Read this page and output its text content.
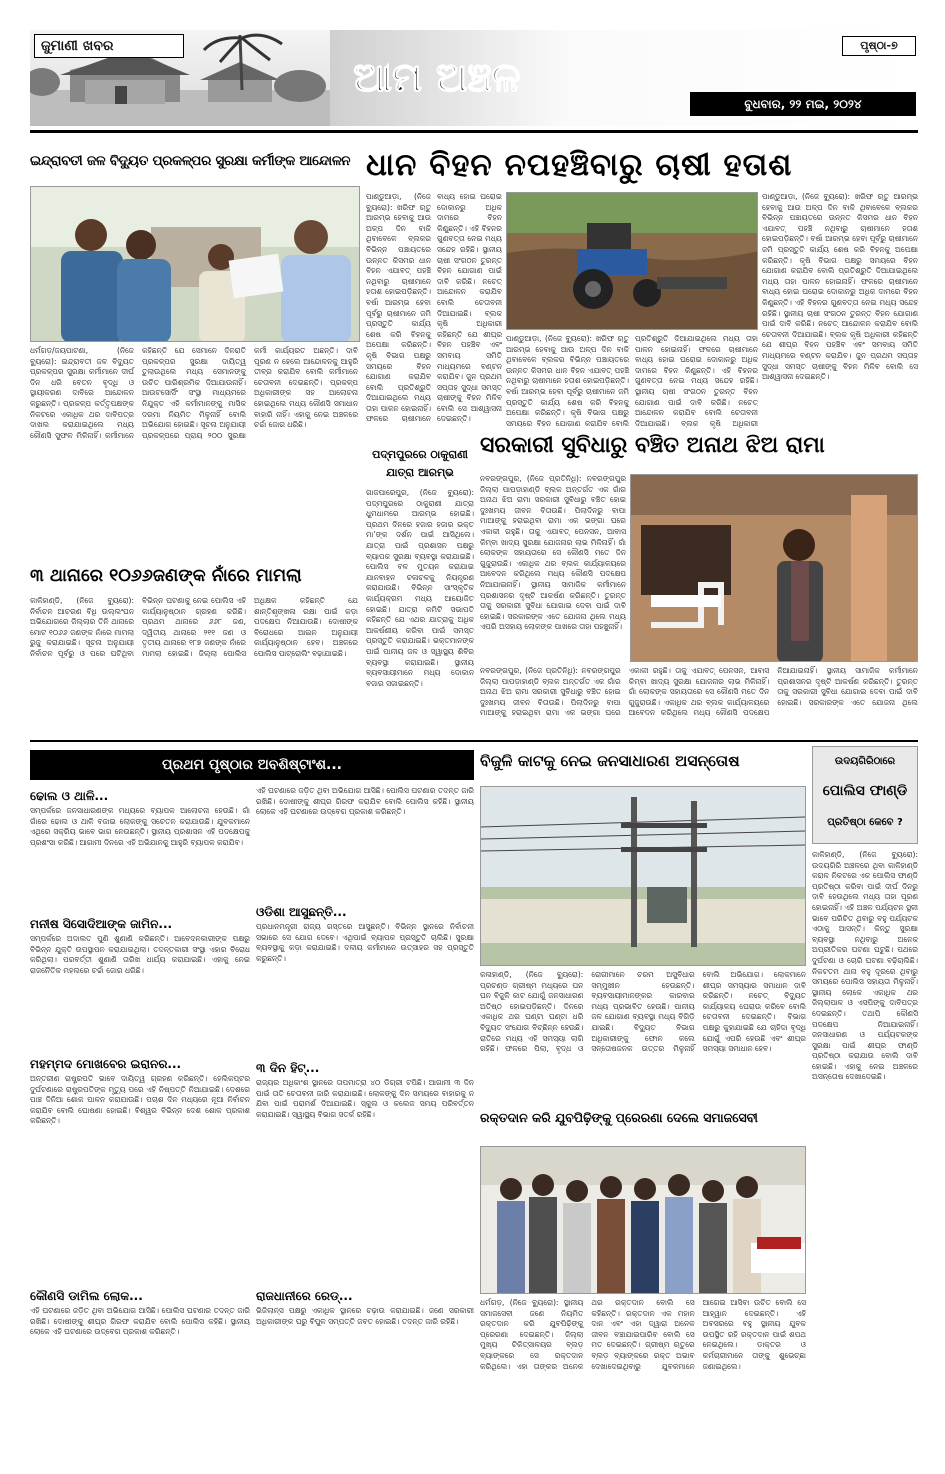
ଜୁମାଣୀ ଖବର
ଆମ ଅଞ୍ଚଳ
ପୃଷ୍ଠା-୭
ବୁଧବାର, ୨୨ ମଇ, ୨୦୨୪
ଇନ୍ଦ୍ରାବତୀ ଜଳ ବିଦ୍ୟୁତ ପ୍ରକଳ୍ପର ସୁରକ୍ଷା କର୍ମୀଙ୍କ ଆନ୍ଦୋଳନ
ଧର୍ମଗଡ଼/ଜୟପାଟଣା, (ନିଜେ ବ୍ୟୁରୋ): ଇନ୍ଦ୍ରାବତୀ ଜଳ ବିଦ୍ୟୁତ ପ୍ରକଳ୍ପର ସୁରକ୍ଷା କର୍ମୀମାନେ ଦୀର୍ଘ ଦିନ ଧରି ବେତନ ବୃଦ୍ଧି ଓ ସ୍ଥାୟୀକରଣ ଦାବିରେ ଆନ୍ଦୋଳନ କରୁଛନ୍ତି। ପ୍ରକଳ୍ପ କର୍ତ୍ତୃପକ୍ଷଙ୍କ ନିକଟରେ ଏକାଧିକ ଥର ଦାବିପତ୍ର ଦାଖଲ କରାଯାଇଥିଲେ ମଧ୍ୟ କୌଣସି ସୁଫଳ ମିଳିନାହିଁ। କର୍ମୀମାନେ କହିଛନ୍ତି ଯେ ସେମାନେ ଦିନରାତି ପ୍ରକଳ୍ପର ସୁରକ୍ଷା ଦାୟିତ୍ୱ ତୁଲାଉଥିଲେ ମଧ୍ୟ ସେମାନଙ୍କୁ ଉଚିତ ପାରିଶ୍ରମିକ ଦିଆଯାଉନାହିଁ। ଆଉଟସୋର୍ସିଂ ସଂସ୍ଥା ମାଧ୍ୟମରେ ନିଯୁକ୍ତ ଏହି କର୍ମୀମାନଙ୍କୁ ମାସିକ ଦରମା ନିୟମିତ ମିଳୁନାହିଁ ବୋଲି ଅଭିଯୋଗ ହୋଇଛି। ସୂଚନା ଅନୁଯାୟୀ ପ୍ରକଳ୍ପରେ ପ୍ରାୟ ୨୦୦ ସୁରକ୍ଷା କର୍ମୀ କାର୍ଯ୍ୟରତ ଅଛନ୍ତି। ଦାବି ପୂରଣ ନ ହେଲେ ଆନ୍ଦୋଳନକୁ ଆହୁରି ତୀବ୍ର କରାଯିବ ବୋଲି କର୍ମୀମାନେ ଚେତାବନୀ ଦେଇଛନ୍ତି। ପ୍ରକଳ୍ପ ଅଧିକାରୀଙ୍କ ସହ ଆଲୋଚନା ହୋଇଥିଲେ ମଧ୍ୟ କୌଣସି ସମାଧାନ ବାହାରି ନାହିଁ। ଏହାକୁ ନେଇ ଅଞ୍ଚଳରେ ଚର୍ଚ୍ଚା ଜୋର ଧରିଛି।
ଧାନ ବିହନ ନପହଞ୍ଚିବାରୁ ଚାଷୀ ହତାଶ
ପାଣ୍ଡୁଆଡ଼ା, (ନିଜେ ବ୍ୟୁରୋ): ଖରିଫ ଋତୁ ଆରମ୍ଭ ହେବାକୁ ଆଉ ଅଳ୍ପ ଦିନ ବାକି ଥିବାବେଳେ ବ୍ଲକର ବିଭିନ୍ନ ପଞ୍ଚାୟତରେ ଉନ୍ନତ କିସମର ଧାନ ବିହନ ଏଯାବତ୍ ପହଞ୍ଚି ନଥିବାରୁ ଚାଷୀମାନେ ହତାଶ ହୋଇପଡ଼ିଛନ୍ତି। ବର୍ଷା ଆରମ୍ଭ ହେବା ପୂର୍ବରୁ ଚାଷୀମାନେ ଜମି ପ୍ରସ୍ତୁତି କାର୍ଯ୍ୟ ଶେଷ କରି ବିହନକୁ ଅପେକ୍ଷା କରିଛନ୍ତି। କୃଷି ବିଭାଗ ପକ୍ଷରୁ ସମୟରେ ବିହନ ଯୋଗାଣ କରାଯିବ ବୋଲି ପ୍ରତିଶ୍ରୁତି ଦିଆଯାଇଥିଲେ ମଧ୍ୟ ତାହା ପାଳନ ହୋଇନାହିଁ। ଫଳରେ ଚାଷୀମାନେ ବାଧ୍ୟ ହୋଇ ଘରୋଇ ଦୋକାନରୁ ଅଧିକ ଦାମରେ ବିହନ କିଣୁଛନ୍ତି। ଏହି ବିହନର ଗୁଣବତ୍ତା ନେଇ ମଧ୍ୟ ସନ୍ଦେହ ରହିଛି। ସ୍ଥାନୀୟ ଚାଷୀ ସଂଗଠନ ତୁରନ୍ତ ବିହନ ଯୋଗାଣ ପାଇଁ ଦାବି କରିଛି। ନଚେତ୍ ଆନ୍ଦୋଳନ କରାଯିବ ବୋଲି ଚେତାବନୀ ଦିଆଯାଇଛି। ବ୍ଲକ କୃଷି ଅଧିକାରୀ କହିଛନ୍ତି ଯେ ଶୀଘ୍ର ବିହନ ପହଞ୍ଚିବ ଏବଂ ସମବାୟ ସମିତି ମାଧ୍ୟମରେ ବଣ୍ଟନ କରାଯିବ। ଜୁନ ପ୍ରଥମ ସପ୍ତାହ ସୁଦ୍ଧା ସମସ୍ତ ଚାଷୀଙ୍କୁ ବିହନ ମିଳିବ ବୋଲି ସେ ଆଶ୍ୱାସନା ଦେଇଛନ୍ତି।
ପାଣ୍ଡୁଆଡ଼ା, (ନିଜେ ବ୍ୟୁରୋ): ଖରିଫ ଋତୁ ଆରମ୍ଭ ହେବାକୁ ଆଉ ଅଳ୍ପ ଦିନ ବାକି ଥିବାବେଳେ ବ୍ଲକର ବିଭିନ୍ନ ପଞ୍ଚାୟତରେ ଉନ୍ନତ କିସମର ଧାନ ବିହନ ଏଯାବତ୍ ପହଞ୍ଚି ନଥିବାରୁ ଚାଷୀମାନେ ହତାଶ ହୋଇପଡ଼ିଛନ୍ତି। ବର୍ଷା ଆରମ୍ଭ ହେବା ପୂର୍ବରୁ ଚାଷୀମାନେ ଜମି ପ୍ରସ୍ତୁତି କାର୍ଯ୍ୟ ଶେଷ କରି ବିହନକୁ ଅପେକ୍ଷା କରିଛନ୍ତି। କୃଷି ବିଭାଗ ପକ୍ଷରୁ ସମୟରେ ବିହନ ଯୋଗାଣ କରାଯିବ ବୋଲି ପ୍ରତିଶ୍ରୁତି ଦିଆଯାଇଥିଲେ ମଧ୍ୟ ତାହା ପାଳନ ହୋଇନାହିଁ। ଫଳରେ ଚାଷୀମାନେ ବାଧ୍ୟ ହୋଇ ଘରୋଇ ଦୋକାନରୁ ଅଧିକ ଦାମରେ ବିହନ କିଣୁଛନ୍ତି। ଏହି ବିହନର ଗୁଣବତ୍ତା ନେଇ ମଧ୍ୟ ସନ୍ଦେହ ରହିଛି। ସ୍ଥାନୀୟ ଚାଷୀ ସଂଗଠନ ତୁରନ୍ତ ବିହନ ଯୋଗାଣ ପାଇଁ ଦାବି କରିଛି। ନଚେତ୍ ଆନ୍ଦୋଳନ କରାଯିବ ବୋଲି ଚେତାବନୀ ଦିଆଯାଇଛି। ବ୍ଲକ କୃଷି ଅଧିକାରୀ କହିଛନ୍ତି ଯେ ଶୀଘ୍ର ବିହନ ପହଞ୍ଚିବ ଏବଂ ସମବାୟ ସମିତି ମାଧ୍ୟମରେ ବଣ୍ଟନ କରାଯିବ। ଜୁନ ପ୍ରଥମ ସପ୍ତାହ ସୁଦ୍ଧା ସମସ୍ତ ଚାଷୀଙ୍କୁ ବିହନ ମିଳିବ ବୋଲି ସେ ଆଶ୍ୱାସନା ଦେଇଛନ୍ତି।
ପାଣ୍ଡୁଆଡ଼ା, (ନିଜେ ବ୍ୟୁରୋ): ଖରିଫ ଋତୁ ଆରମ୍ଭ ହେବାକୁ ଆଉ ଅଳ୍ପ ଦିନ ବାକି ଥିବାବେଳେ ବ୍ଲକର ବିଭିନ୍ନ ପଞ୍ଚାୟତରେ ଉନ୍ନତ କିସମର ଧାନ ବିହନ ଏଯାବତ୍ ପହଞ୍ଚି ନଥିବାରୁ ଚାଷୀମାନେ ହତାଶ ହୋଇପଡ଼ିଛନ୍ତି। ବର୍ଷା ଆରମ୍ଭ ହେବା ପୂର୍ବରୁ ଚାଷୀମାନେ ଜମି ପ୍ରସ୍ତୁତି କାର୍ଯ୍ୟ ଶେଷ କରି ବିହନକୁ ଅପେକ୍ଷା କରିଛନ୍ତି। କୃଷି ବିଭାଗ ପକ୍ଷରୁ ସମୟରେ ବିହନ ଯୋଗାଣ କରାଯିବ ବୋଲି ପ୍ରତିଶ୍ରୁତି ଦିଆଯାଇଥିଲେ ମଧ୍ୟ ତାହା ପାଳନ ହୋଇନାହିଁ। ଫଳରେ ଚାଷୀମାନେ ବାଧ୍ୟ ହୋଇ ଘରୋଇ ଦୋକାନରୁ ଅଧିକ ଦାମରେ ବିହନ କିଣୁଛନ୍ତି। ଏହି ବିହନର ଗୁଣବତ୍ତା ନେଇ ମଧ୍ୟ ସନ୍ଦେହ ରହିଛି। ସ୍ଥାନୀୟ ଚାଷୀ ସଂଗଠନ ତୁରନ୍ତ ବିହନ ଯୋଗାଣ ପାଇଁ ଦାବି କରିଛି। ନଚେତ୍ ଆନ୍ଦୋଳନ କରାଯିବ ବୋଲି ଚେତାବନୀ ଦିଆଯାଇଛି। ବ୍ଲକ କୃଷି ଅଧିକାରୀ
ପଦ୍ମପୁରରେ ଠାକୁରାଣୀ
ଯାତ୍ରା ଆରମ୍ଭ
ଗାଜପାରେପୁର, (ନିଜେ ବ୍ୟୁରୋ): ପଦ୍ମପୁରରେ ଠାକୁରାଣୀ ଯାତ୍ରା ଧୁମଧାମରେ ଆରମ୍ଭ ହୋଇଛି। ପ୍ରଥମ ଦିନରେ ହଜାର ହଜାର ଭକ୍ତ ମା’ଙ୍କ ଦର୍ଶନ ପାଇଁ ଆସିଥିଲେ। ଯାତ୍ରା ପାଇଁ ପ୍ରଶାସନ ପକ୍ଷରୁ ବ୍ୟାପକ ସୁରକ୍ଷା ବ୍ୟବସ୍ଥା କରାଯାଇଛି। ପୋଲିସ ବଳ ମୁତୟନ କରାଯାଇ ଯାନବାହନ ଚଳାଚଳକୁ ନିୟନ୍ତ୍ରଣ କରାଯାଉଛି। ବିଭିନ୍ନ ସାଂସ୍କୃତିକ କାର୍ଯ୍ୟକ୍ରମ ମଧ୍ୟ ଆୟୋଜିତ ହୋଇଛି। ଯାତ୍ରା କମିଟି ସଭାପତି କହିଛନ୍ତି ଯେ ଏଥର ଯାତ୍ରାକୁ ଅଧିକ ଆକର୍ଷଣୀୟ କରିବା ପାଇଁ ସମସ୍ତ ପ୍ରସ୍ତୁତି କରାଯାଇଛି। ଭକ୍ତମାନଙ୍କ ପାଇଁ ପାନୀୟ ଜଳ ଓ ସ୍ୱାସ୍ଥ୍ୟ ଶିବିର ବ୍ୟବସ୍ଥା କରାଯାଇଛି। ସ୍ଥାନୀୟ ବ୍ୟବସାୟୀମାନେ ମଧ୍ୟ ଦୋକାନ ବଜାର ସଜାଇଛନ୍ତି।
୩ ଥାନାରେ ୧୦୬୬ଜଣଙ୍କ ନାଁରେ ମାମଲା
କାଳିହାଣ୍ଡି, (ନିଜେ ବ୍ୟୁରୋ): ନିର୍ବାଚନ ଆଚରଣ ବିଧି ଉଲ୍ଲଂଘନ ଅଭିଯୋଗରେ ଜିଲ୍ଲାର ତିନି ଥାନାରେ ମୋଟ ୧୦୬୬ ଜଣଙ୍କ ନାଁରେ ମାମଲା ରୁଜୁ କରାଯାଇଛି। ସୂଚନା ଅନୁଯାୟୀ ନିର୍ବାଚନ ପୂର୍ବରୁ ଓ ପରେ ଘଟିଥିବା ବିଭିନ୍ନ ଘଟଣାକୁ ନେଇ ପୋଲିସ ଏହି କାର୍ଯ୍ୟାନୁଷ୍ଠାନ ଗ୍ରହଣ କରିଛି। ପ୍ରଥମ ଥାନାରେ ୬୬୮ ଜଣ, ଦ୍ୱିତୀୟ ଥାନାରେ ୨୧୧ ଜଣ ଓ ତୃତୀୟ ଥାନାରେ ୧୮୭ ଜଣଙ୍କ ନାଁରେ ମାମଲା ହୋଇଛି। ଜିଲ୍ଲା ପୋଲିସ ଅଧିକ୍ଷକ କହିଛନ୍ତି ଯେ ଶାନ୍ତିଶୃଙ୍ଖଳା ରକ୍ଷା ପାଇଁ କଡ଼ା ପଦକ୍ଷେପ ନିଆଯାଉଛି। ଦୋଷୀଙ୍କ ବିରୋଧରେ ଆଇନ ଅନୁଯାୟୀ କାର୍ଯ୍ୟାନୁଷ୍ଠାନ ହେବ। ଅଞ୍ଚଳରେ ପୋଲିସ ପାଟ୍ରୋଲିଂ ବଢ଼ାଯାଇଛି।
ସରକାରୀ ସୁବିଧାରୁ ବଞ୍ଚିତ ଅନାଥ ଝିଅ ରାମା
ନବରଙ୍ଗପୁର, (ନିଜେ ପ୍ରତିନିଧି): ନବରଙ୍ଗପୁର ଜିଲ୍ଲା ପାପଡ଼ାହାଣ୍ଡି ବ୍ଲକ ଅନ୍ତର୍ଗତ ଏକ ଗାଁର ଅନାଥ ଝିଅ ରାମା ସରକାରୀ ସୁବିଧାରୁ ବଞ୍ଚିତ ହୋଇ ଦୁଃଖମୟ ଜୀବନ ବିତାଉଛି। ପିଲାଦିନରୁ ବାପା ମାଆଙ୍କୁ ହରାଇଥିବା ରାମା ଏକ ଭଙ୍ଗା ଘରେ ଏକାକୀ ରହୁଛି। ତାକୁ ଏଯାବତ୍ ପେନସନ, ଆବାସ କିମ୍ବା ଖାଦ୍ୟ ସୁରକ୍ଷା ଯୋଜନାର ଲାଭ ମିଳିନାହିଁ। ଗାଁ ଲୋକଙ୍କ ସହାୟତାରେ ସେ କୌଣସି ମତେ ଦିନ ଗୁଜୁରାଉଛି। ଏକାଧିକ ଥର ବ୍ଲକ କାର୍ଯ୍ୟାଳୟରେ ଆବେଦନ କରିଥିଲେ ମଧ୍ୟ କୌଣସି ପଦକ୍ଷେପ ନିଆଯାଇନାହିଁ। ସ୍ଥାନୀୟ ସାମାଜିକ କର୍ମୀମାନେ ପ୍ରଶାସନର ଦୃଷ୍ଟି ଆକର୍ଷଣ କରିଛନ୍ତି। ତୁରନ୍ତ ତାକୁ ସରକାରୀ ସୁବିଧା ଯୋଗାଇ ଦେବା ପାଇଁ ଦାବି ହୋଇଛି। ସରକାରଙ୍କ ଏତେ ଯୋଜନା ଥିଲେ ମଧ୍ୟ ଏପରି ଅସହାୟ ଲୋକଙ୍କ ପାଖରେ ତାହା ପହଞ୍ଚୁନାହିଁ।
ନବରଙ୍ଗପୁର, (ନିଜେ ପ୍ରତିନିଧି): ନବରଙ୍ଗପୁର ଜିଲ୍ଲା ପାପଡ଼ାହାଣ୍ଡି ବ୍ଲକ ଅନ୍ତର୍ଗତ ଏକ ଗାଁର ଅନାଥ ଝିଅ ରାମା ସରକାରୀ ସୁବିଧାରୁ ବଞ୍ଚିତ ହୋଇ ଦୁଃଖମୟ ଜୀବନ ବିତାଉଛି। ପିଲାଦିନରୁ ବାପା ମାଆଙ୍କୁ ହରାଇଥିବା ରାମା ଏକ ଭଙ୍ଗା ଘରେ ଏକାକୀ ରହୁଛି। ତାକୁ ଏଯାବତ୍ ପେନସନ, ଆବାସ କିମ୍ବା ଖାଦ୍ୟ ସୁରକ୍ଷା ଯୋଜନାର ଲାଭ ମିଳିନାହିଁ। ଗାଁ ଲୋକଙ୍କ ସହାୟତାରେ ସେ କୌଣସି ମତେ ଦିନ ଗୁଜୁରାଉଛି। ଏକାଧିକ ଥର ବ୍ଲକ କାର୍ଯ୍ୟାଳୟରେ ଆବେଦନ କରିଥିଲେ ମଧ୍ୟ କୌଣସି ପଦକ୍ଷେପ ନିଆଯାଇନାହିଁ। ସ୍ଥାନୀୟ ସାମାଜିକ କର୍ମୀମାନେ ପ୍ରଶାସନର ଦୃଷ୍ଟି ଆକର୍ଷଣ କରିଛନ୍ତି। ତୁରନ୍ତ ତାକୁ ସରକାରୀ ସୁବିଧା ଯୋଗାଇ ଦେବା ପାଇଁ ଦାବି ହୋଇଛି। ସରକାରଙ୍କ ଏତେ ଯୋଜନା ଥିଲେ
ପ୍ରଥମ ପୃଷ୍ଠାର ଅବଶିଷ୍ଟାଂଶ...
ଢୋଲ ଓ ଥାଳି...
ସମ୍ପର୍କରେ ଜନସାଧାରଣଙ୍କ ମଧ୍ୟରେ ବ୍ୟାପକ ଆଲୋଚନା ହେଉଛି। ଗାଁ ଗାଁରେ ଢୋଲ ଓ ଥାଳି ବଜାଇ ଲୋକଙ୍କୁ ସଚେତନ କରାଯାଉଛି। ଯୁବକମାନେ ଏଥିରେ ସକ୍ରିୟ ଭାବେ ଭାଗ ନେଉଛନ୍ତି। ସ୍ଥାନୀୟ ପ୍ରଶାସନ ଏହି ପଦକ୍ଷେପକୁ ପ୍ରଶଂସା କରିଛି। ଆଗାମୀ ଦିନରେ ଏହି ଅଭିଯାନକୁ ଆହୁରି ବ୍ୟାପକ କରାଯିବ।
ମନୀଷ ସିସୋଦିଆଙ୍କ ଜାମିନ...
ସମ୍ପର୍କରେ ଅଦାଲତ ପୁଣି ଶୁଣାଣି କରିଛନ୍ତି। ଆବେଦନକାରୀଙ୍କ ପକ୍ଷରୁ ବିଭିନ୍ନ ଯୁକ୍ତି ଉପସ୍ଥାପନ କରାଯାଇଥିଲା। ତଦନ୍ତକାରୀ ସଂସ୍ଥା ଏହାର ବିରୋଧ କରିଥିଲା। ପରବର୍ତ୍ତୀ ଶୁଣାଣି ତାରିଖ ଧାର୍ଯ୍ୟ କରାଯାଇଛି। ଏହାକୁ ନେଇ ରାଜନୈତିକ ମହଲରେ ଚର୍ଚ୍ଚା ଜୋର ଧରିଛି।
ମହମ୍ମଦ ମୋଖବେର ଇରାନର...
ଅନ୍ତରୀଣ ରାଷ୍ଟ୍ରପତି ଭାବେ ଦାୟିତ୍ୱ ଗ୍ରହଣ କରିଛନ୍ତି। ହେଲିକପ୍ଟର ଦୁର୍ଘଟଣାରେ ରାଷ୍ଟ୍ରପତିଙ୍କ ମୃତ୍ୟୁ ପରେ ଏହି ନିଷ୍ପତ୍ତି ନିଆଯାଇଛି। ଦେଶରେ ପାଞ୍ଚ ଦିନିଆ ଶୋକ ପାଳନ କରାଯାଉଛି। ପଚାଶ ଦିନ ମଧ୍ୟରେ ନୂଆ ନିର୍ବାଚନ କରାଯିବ ବୋଲି ଘୋଷଣା ହୋଇଛି। ବିଶ୍ୱର ବିଭିନ୍ନ ଦେଶ ଶୋକ ପ୍ରକାଶ କରିଛନ୍ତି।
କୌଣସି ଡାମିଲ ଲୋକ...
ଏହି ଘଟଣାରେ ଜଡ଼ିତ ଥିବା ଅଭିଯୋଗ ଆସିଛି। ପୋଲିସ ଘଟଣାର ତଦନ୍ତ ଜାରି ରଖିଛି। ଦୋଷୀଙ୍କୁ ଶୀଘ୍ର ଗିରଫ କରାଯିବ ବୋଲି ପୋଲିସ କହିଛି। ସ୍ଥାନୀୟ ଲୋକେ ଏହି ଘଟଣାରେ ଉଦ୍‌ବେଗ ପ୍ରକାଶ କରିଛନ୍ତି।
ଏହି ଘଟଣାରେ ଜଡ଼ିତ ଥିବା ଅଭିଯୋଗ ଆସିଛି। ପୋଲିସ ଘଟଣାର ତଦନ୍ତ ଜାରି ରଖିଛି। ଦୋଷୀଙ୍କୁ ଶୀଘ୍ର ଗିରଫ କରାଯିବ ବୋଲି ପୋଲିସ କହିଛି। ସ୍ଥାନୀୟ ଲୋକେ ଏହି ଘଟଣାରେ ଉଦ୍‌ବେଗ ପ୍ରକାଶ କରିଛନ୍ତି।
ଓଡିଶା ଆସୁଛନ୍ତି...
ପ୍ରଧାନମନ୍ତ୍ରୀ ରାଜ୍ୟ ଗସ୍ତରେ ଆସୁଛନ୍ତି। ବିଭିନ୍ନ ସ୍ଥାନରେ ନିର୍ବାଚନୀ ସଭାରେ ସେ ଯୋଗ ଦେବେ। ଏଥିପାଇଁ ବ୍ୟାପକ ପ୍ରସ୍ତୁତି ଚାଲିଛି। ସୁରକ୍ଷା ବ୍ୟବସ୍ଥାକୁ କଡ଼ା କରାଯାଇଛି। ଦଳୀୟ କର୍ମୀମାନେ ଉତ୍ସାହର ସହ ପ୍ରସ୍ତୁତି କରୁଛନ୍ତି।
୩ ଦିନ ହିଟ୍...
ରାଜ୍ୟର ଅଧିକାଂଶ ସ୍ଥାନରେ ତାପମାତ୍ରା ୪୦ ଡିଗ୍ରୀ ଟପିଛି। ଆଗାମୀ ୩ ଦିନ ପାଇଁ ତାତି ଚେତାବନୀ ଜାରି କରାଯାଇଛି। ଲୋକଙ୍କୁ ଦିନ ସମୟରେ ବାହାରକୁ ନ ଯିବା ପାଇଁ ପରାମର୍ଶ ଦିଆଯାଇଛି। ସ୍କୁଲ ଓ କଲେଜ ସମୟ ପରିବର୍ତ୍ତନ କରାଯାଇଛି। ସ୍ୱାସ୍ଥ୍ୟ ବିଭାଗ ସତର୍କ ରହିଛି।
ରାଜଧାନୀରେ ରେଡ୍...
ଭିଜିଲାନ୍ସ ପକ୍ଷରୁ ଏକାଧିକ ସ୍ଥାନରେ ଚଢ଼ାଉ କରାଯାଇଛି। ଜଣେ ସରକାରୀ ଅଧିକାରୀଙ୍କ ଘରୁ ବିପୁଳ ସମ୍ପତ୍ତି ଜବତ ହୋଇଛି। ତଦନ୍ତ ଜାରି ରହିଛି।
ବିଜୁଳି କାଟକୁ ନେଇ ଜନସାଧାରଣ ଅସନ୍ତୋଷ
କଳାହାଣ୍ଡି, (ନିଜେ ବ୍ୟୁରୋ): ପ୍ରଚଣ୍ଡ ଗ୍ରୀଷ୍ମ ମଧ୍ୟରେ ଘନ ଘନ ବିଜୁଳି କାଟ ଯୋଗୁଁ ଜନସାଧାରଣ ଅତିଷ୍ଠ ହୋଇପଡ଼ିଛନ୍ତି। ଦିନରେ ଏକାଧିକ ଥର ଘଣ୍ଟା ଘଣ୍ଟା ଧରି ବିଦ୍ୟୁତ ସଂଯୋଗ ବିଚ୍ଛିନ୍ନ ହେଉଛି। ରାତିରେ ମଧ୍ୟ ଏହି ସମସ୍ୟା ଲାଗି ରହିଛି। ଫଳରେ ପିଲା, ବୃଦ୍ଧ ଓ ରୋଗୀମାନେ ଚରମ ଅସୁବିଧାର ସମ୍ମୁଖୀନ ହେଉଛନ୍ତି। ବ୍ୟବସାୟୀମାନଙ୍କର କାରବାର ମଧ୍ୟ ପ୍ରଭାବିତ ହେଉଛି। ପାନୀୟ ଜଳ ଯୋଗାଣ ବ୍ୟବସ୍ଥା ମଧ୍ୟ ବିଗିଡ଼ି ଯାଇଛି। ବିଦ୍ୟୁତ ବିଭାଗ ଅଧିକାରୀଙ୍କୁ ଫୋନ କଲେ ସନ୍ତୋଷଜନକ ଉତ୍ତର ମିଳୁନାହିଁ ବୋଲି ଅଭିଯୋଗ। ଲୋକମାନେ ଶୀଘ୍ର ସମସ୍ୟାର ସମାଧାନ ଦାବି କରିଛନ୍ତି। ନଚେତ୍ ବିଦ୍ୟୁତ କାର୍ଯ୍ୟାଳୟ ଘେରାଉ କରିବେ ବୋଲି ଚେତାବନୀ ଦେଇଛନ୍ତି। ବିଭାଗ ପକ୍ଷରୁ କୁହାଯାଇଛି ଯେ ଚାହିଦା ବୃଦ୍ଧି ଯୋଗୁଁ ଏପରି ହେଉଛି ଏବଂ ଶୀଘ୍ର ସମସ୍ୟା ସମାଧାନ ହେବ।
ରକ୍ତଦାନ କରି ଯୁବପିଢ଼ିଙ୍କୁ ପ୍ରେରଣା ଦେଲେ ସମାଜସେବୀ
ଧର୍ମଗଡ଼, (ନିଜେ ବ୍ୟୁରୋ): ସ୍ଥାନୀୟ ସମାଜସେବୀ ଜଣେ ନିୟମିତ ରକ୍ତଦାନ କରି ଯୁବପିଢ଼ିଙ୍କୁ ପ୍ରେରଣା ଦେଇଛନ୍ତି। ଜିଲ୍ଲା ମୁଖ୍ୟ ଚିକିତ୍ସାଳୟର ବ୍ଲଡ଼ ବ୍ୟାଙ୍କରେ ସେ ରକ୍ତଦାନ କରିଥିଲେ। ଏହା ତାଙ୍କର ଅନେକ ଥର ରକ୍ତଦାନ ବୋଲି ସେ କହିଛନ୍ତି। ରକ୍ତଦାନ ଏକ ମହାନ ଦାନ ଏବଂ ଏହା ଦ୍ୱାରା ଅନେକ ଜୀବନ ବଞ୍ଚାଯାଇପାରିବ ବୋଲି ସେ ମତ ଦେଇଛନ୍ତି। ଗ୍ରୀଷ୍ମ ଋତୁରେ ବ୍ଲଡ଼ ବ୍ୟାଙ୍କରେ ରକ୍ତ ଅଭାବ ଦେଖାଦେଇଥିବାରୁ ଯୁବକମାନେ ଆଗେଇ ଆସିବା ଉଚିତ ବୋଲି ସେ ଆହ୍ୱାନ ଦେଇଛନ୍ତି। ଏହି ଅବସରରେ ବହୁ ସ୍ଥାନୀୟ ଯୁବକ ଉପସ୍ଥିତ ରହି ରକ୍ତଦାନ ପାଇଁ ଶପଥ ନେଇଥିଲେ। ଡାକ୍ତର ଓ କର୍ମଚାରୀମାନେ ତାଙ୍କୁ ଶୁଭେଚ୍ଛା ଜଣାଇଥିଲେ।
ଉଦୟଗିରିଠାରେ
ପୋଲିସ ଫାଣ୍ଡି
ପ୍ରତିଷ୍ଠା କେବେ ?
କାଳିହାଣ୍ଡି, (ନିଜେ ବ୍ୟୁରୋ): ଉଦୟଗିରି ଅଞ୍ଚଳରେ ଥିବା କାଳିହାଣ୍ଡି କରାଳ ନିକଟରେ ଏକ ପୋଲିସ ଫାଣ୍ଡି ପ୍ରତିଷ୍ଠା କରିବା ପାଇଁ ଦୀର୍ଘ ଦିନରୁ ଦାବି ହେଉଥିଲେ ମଧ୍ୟ ତାହା ପୂରଣ ହୋଇନାହିଁ। ଏହି ଅଞ୍ଚଳ ପର୍ଯ୍ୟଟନ ସ୍ଥଳୀ ଭାବେ ପରିଚିତ ଥିବାରୁ ବହୁ ପର୍ଯ୍ୟଟକ ଏଠାକୁ ଆସନ୍ତି। କିନ୍ତୁ ସୁରକ୍ଷା ବ୍ୟବସ୍ଥା ନଥିବାରୁ ଅନେକ ଅପ୍ରୀତିକର ଘଟଣା ଘଟୁଛି। ପଥରେ ଦୁର୍ଘଟଣା ଓ ଚୋରି ଘଟଣା ବଢ଼ିଚାଲିଛି। ନିକଟତମ ଥାନା ବହୁ ଦୂରରେ ଥିବାରୁ ସମୟରେ ପୋଲିସ ସହାୟତା ମିଳୁନାହିଁ। ସ୍ଥାନୀୟ ଲୋକେ ଏକାଧିକ ଥର ଜିଲ୍ଲାପାଳ ଓ ଏସପିଙ୍କୁ ଦାବିପତ୍ର ଦେଇଛନ୍ତି। ତଥାପି କୌଣସି ପଦକ୍ଷେପ ନିଆଯାଇନାହିଁ। ଜନସାଧାରଣ ଓ ପର୍ଯ୍ୟଟକଙ୍କ ସୁରକ୍ଷା ପାଇଁ ଶୀଘ୍ର ଫାଣ୍ଡି ପ୍ରତିଷ୍ଠା କରାଯାଉ ବୋଲି ଦାବି ହୋଇଛି। ଏହାକୁ ନେଇ ଅଞ୍ଚଳରେ ଅସନ୍ତୋଷ ଦେଖାଦେଇଛି।
